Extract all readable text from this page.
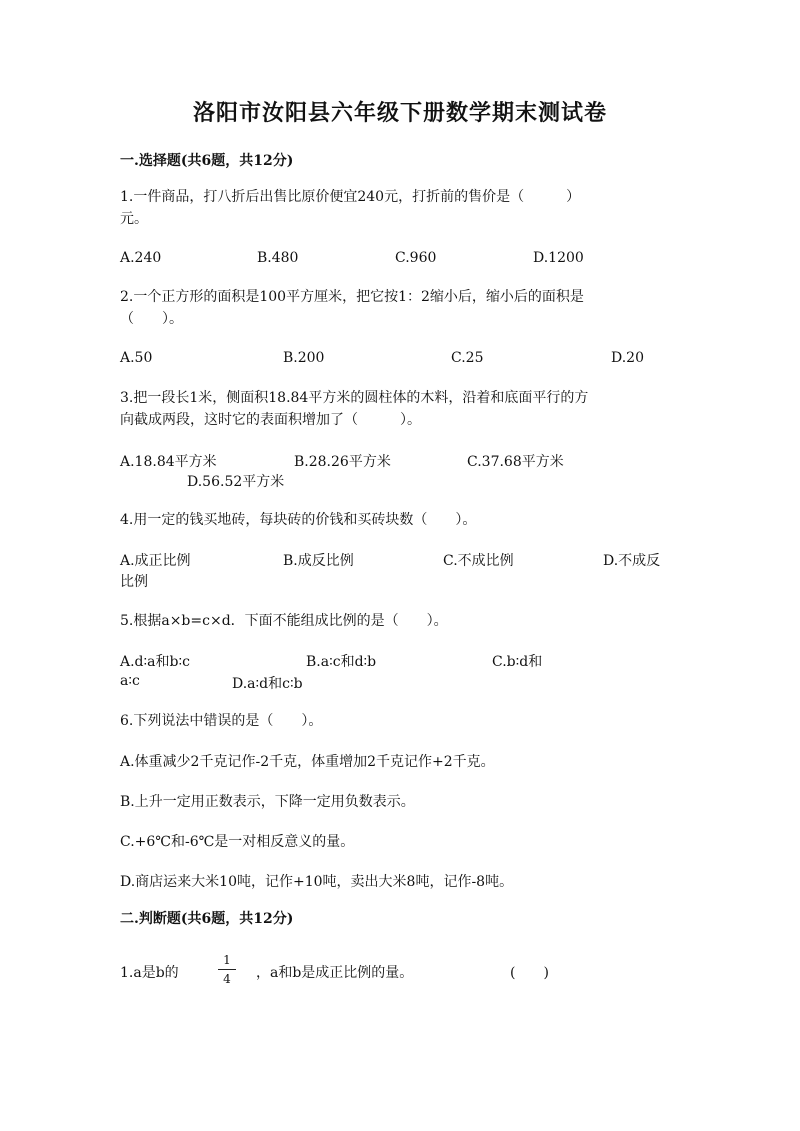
洛阳市汝阳县六年级下册数学期末测试卷
一.选择题(共6题，共12分)
1.一件商品，打八折后出售比原价便宜240元，打折前的售价是（　　　）
元。
A.240	B.480	C.960	D.1200
2.一个正方形的面积是100平方厘米，把它按1：2缩小后，缩小后的面积是
（　　）。
A.50	B.200	C.25	D.20
3.把一段长1米，侧面积18.84平方米的圆柱体的木料，沿着和底面平行的方
向截成两段，这时它的表面积增加了（　　　）。
A.18.84平方米	B.28.26平方米	C.37.68平方米
D.56.52平方米
4.用一定的钱买地砖，每块砖的价钱和买砖块数（　　）。
A.成正比例	B.成反比例	C.不成比例	D.不成反
比例
5.根据a×b=c×d．下面不能组成比例的是（　　）。
A.d∶a和b∶c	B.a∶c和d∶b	C.b∶d和
a∶c	D.a∶d和c∶b
6.下列说法中错误的是（　　）。
A.体重减少2千克记作-2千克，体重增加2千克记作+2千克。
B.上升一定用正数表示，下降一定用负数表示。
C.+6℃和-6℃是一对相反意义的量。
D.商店运来大米10吨，记作+10吨，卖出大米8吨，记作-8吨。
二.判断题(共6题，共12分)
1.a是b的
1
4	，a和b是成正比例的量。	(　　)
